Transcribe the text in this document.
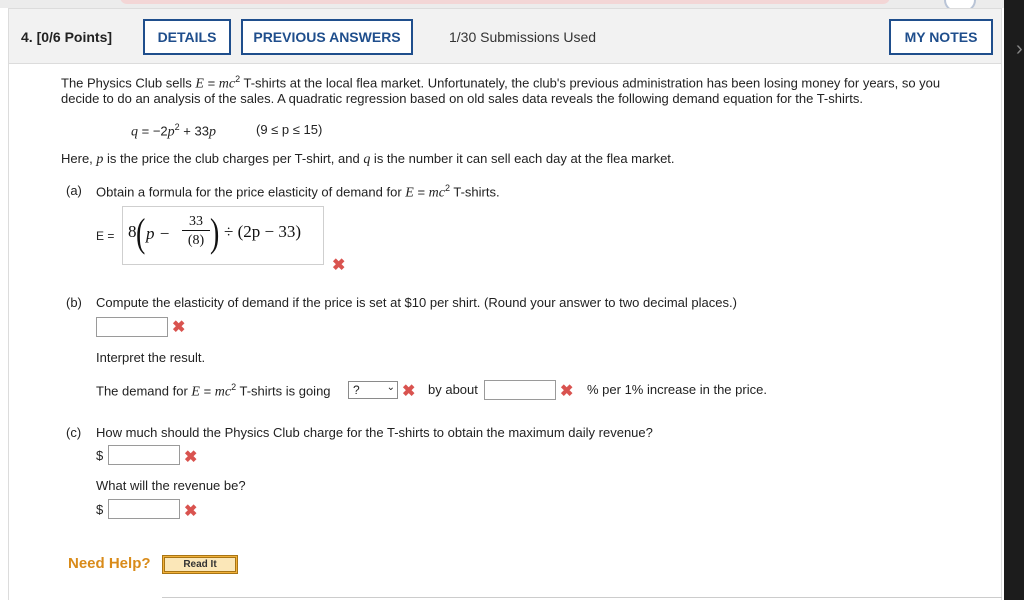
4. [0/6 Points]	DETAILS	PREVIOUS ANSWERS	1/30 Submissions Used	MY NOTES
The Physics Club sells $E = mc^2$ T-shirts at the local flea market. Unfortunately, the club's previous administration has been losing money for years, so you
decide to do an analysis of the sales. A quadratic regression based on old sales data reveals the following demand equation for the T-shirts.
$q = -2p^2 + 33p$	(9 ≤ p ≤ 15)
Here, p is the price the club charges per T-shirt, and q is the number it can sell each day at the flea market.
(a) Obtain a formula for the price elasticity of demand for $E = mc^2$ T-shirts.
E = 8 ( p −
33
(8) ) ÷ (2p − 33)
✖
(b) Compute the elasticity of demand if the price is set at $10 per shirt. (Round your answer to two decimal places.)
✖
Interpret the result.
The demand for $E = mc^2$ T-shirts is going ?	⌄ ✖ by about	✖ % per 1% increase in the price.
(c) How much should the Physics Club charge for the T-shirts to obtain the maximum daily revenue?
$	✖
What will the revenue be?
$	✖
Need Help?	Read It
›
